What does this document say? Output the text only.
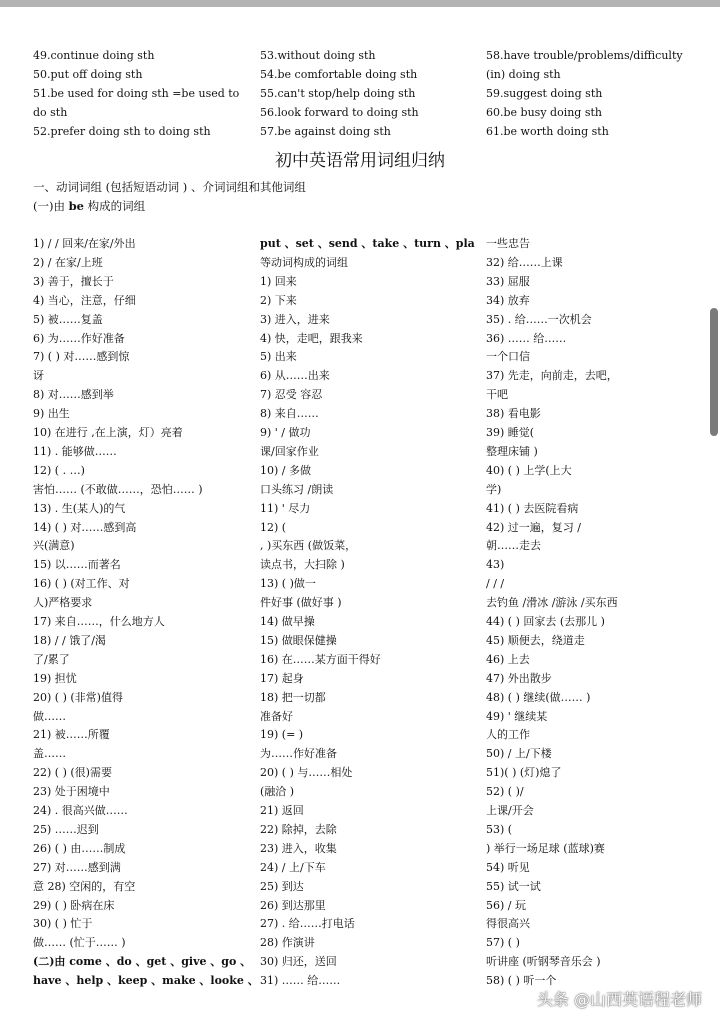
49.continue doing sth
50.put off doing sth
51.be used for doing sth =be used to
do sth
52.prefer doing sth to doing sth
53.without doing sth
54.be comfortable doing sth
55.can't stop/help doing sth
56.look forward to doing sth
57.be against doing sth
58.have trouble/problems/difficulty
(in) doing sth
59.suggest doing sth
60.be busy doing sth
61.be worth doing sth
初中英语常用词组归纳
一、动词词组 (包括短语动词 ) 、介词词组和其他词组
(一)由 be 构成的词组
1) / / 回来/在家/外出
2) / 在家/上班
3) 善于，擅长于
4) 当心，注意，仔细
5) 被……复盖
6) 为……作好准备
7) ( ) 对……感到惊
讶
8) 对……感到举
9) 出生
10) 在进行 ,在上演，灯）亮着
11) . 能够做……
12) ( . …)
害怕…… (不敢做……，恐怕…… )
13) . 生(某人)的气
14) ( ) 对……感到高
兴(满意)
15) 以……而著名
16) ( ) (对工作、对
人)严格要求
17) 来自……，什么地方人
18) / / 饿了/渴
了/累了
19) 担忧
20) ( ) (非常)值得
做……
21) 被……所覆
盖……
22) ( ) (很)需要
23) 处于困境中
24) . 很高兴做……
25) ……迟到
26) ( ) 由……制成
27) 对……感到满
意 28) 空闲的，有空
29) ( ) 卧病在床
30) ( ) 忙于
做…… (忙于…… )
put 、set 、send 、take 、turn 、pla
等动词构成的词组
1) 回来
2) 下来
3) 进入，进来
4) 快，走吧，跟我来
5) 出来
6) 从……出来
7) 忍受 容忍
8) 来自……
9) ' / 做功
课/回家作业
10) / 多做
口头练习 /朗读
11) ' 尽力
12) (
, )买东西 (做饭菜，
读点书，大扫除 )
13) ( )做一
件好事 (做好事 )
14) 做早操
15) 做眼保健操
16) 在……某方面干得好
17) 起身
18) 把一切都
准备好
19) (= )
为……作好准备
20) ( ) 与……相处
(融洽 )
21) 返回
22) 除掉，去除
23) 进入，收集
24) / 上/下车
25) 到达
26) 到达那里
27) . 给……打电话
28) 作演讲
30) 归还，送回
31) …… 给……
一些忠告
32) 给……上课
33) 屈服
34) 放弃
35) . 给……一次机会
36) …… 给……
一个口信
37) 先走，向前走，去吧，
干吧
38) 看电影
39) 睡觉(
整理床铺 )
40) ( ) 上学(上大
学)
41) ( ) 去医院看病
42) 过一遍，复习 /
朝……走去
43)
/ / /
去钓鱼 /滑冰 /游泳 /买东西
44) ( ) 回家去 (去那儿 )
45) 顺便去，绕道走
46) 上去
47) 外出散步
48) ( ) 继续(做…… )
49) ' 继续某
人的工作
50) / 上/下楼
51)( ) (灯)熄了
52) ( )/
上课/开会
53) (
) 举行一场足球 (蓝球)赛
54) 听见
55) 试一试
56) / 玩
得很高兴
57) ( )
听讲座 (听钢琴音乐会 )
58) ( ) 听一个
(二)由 come 、do 、get 、give 、go 、
have 、help 、keep 、make 、looke 、
头条 @山西英语程老师
